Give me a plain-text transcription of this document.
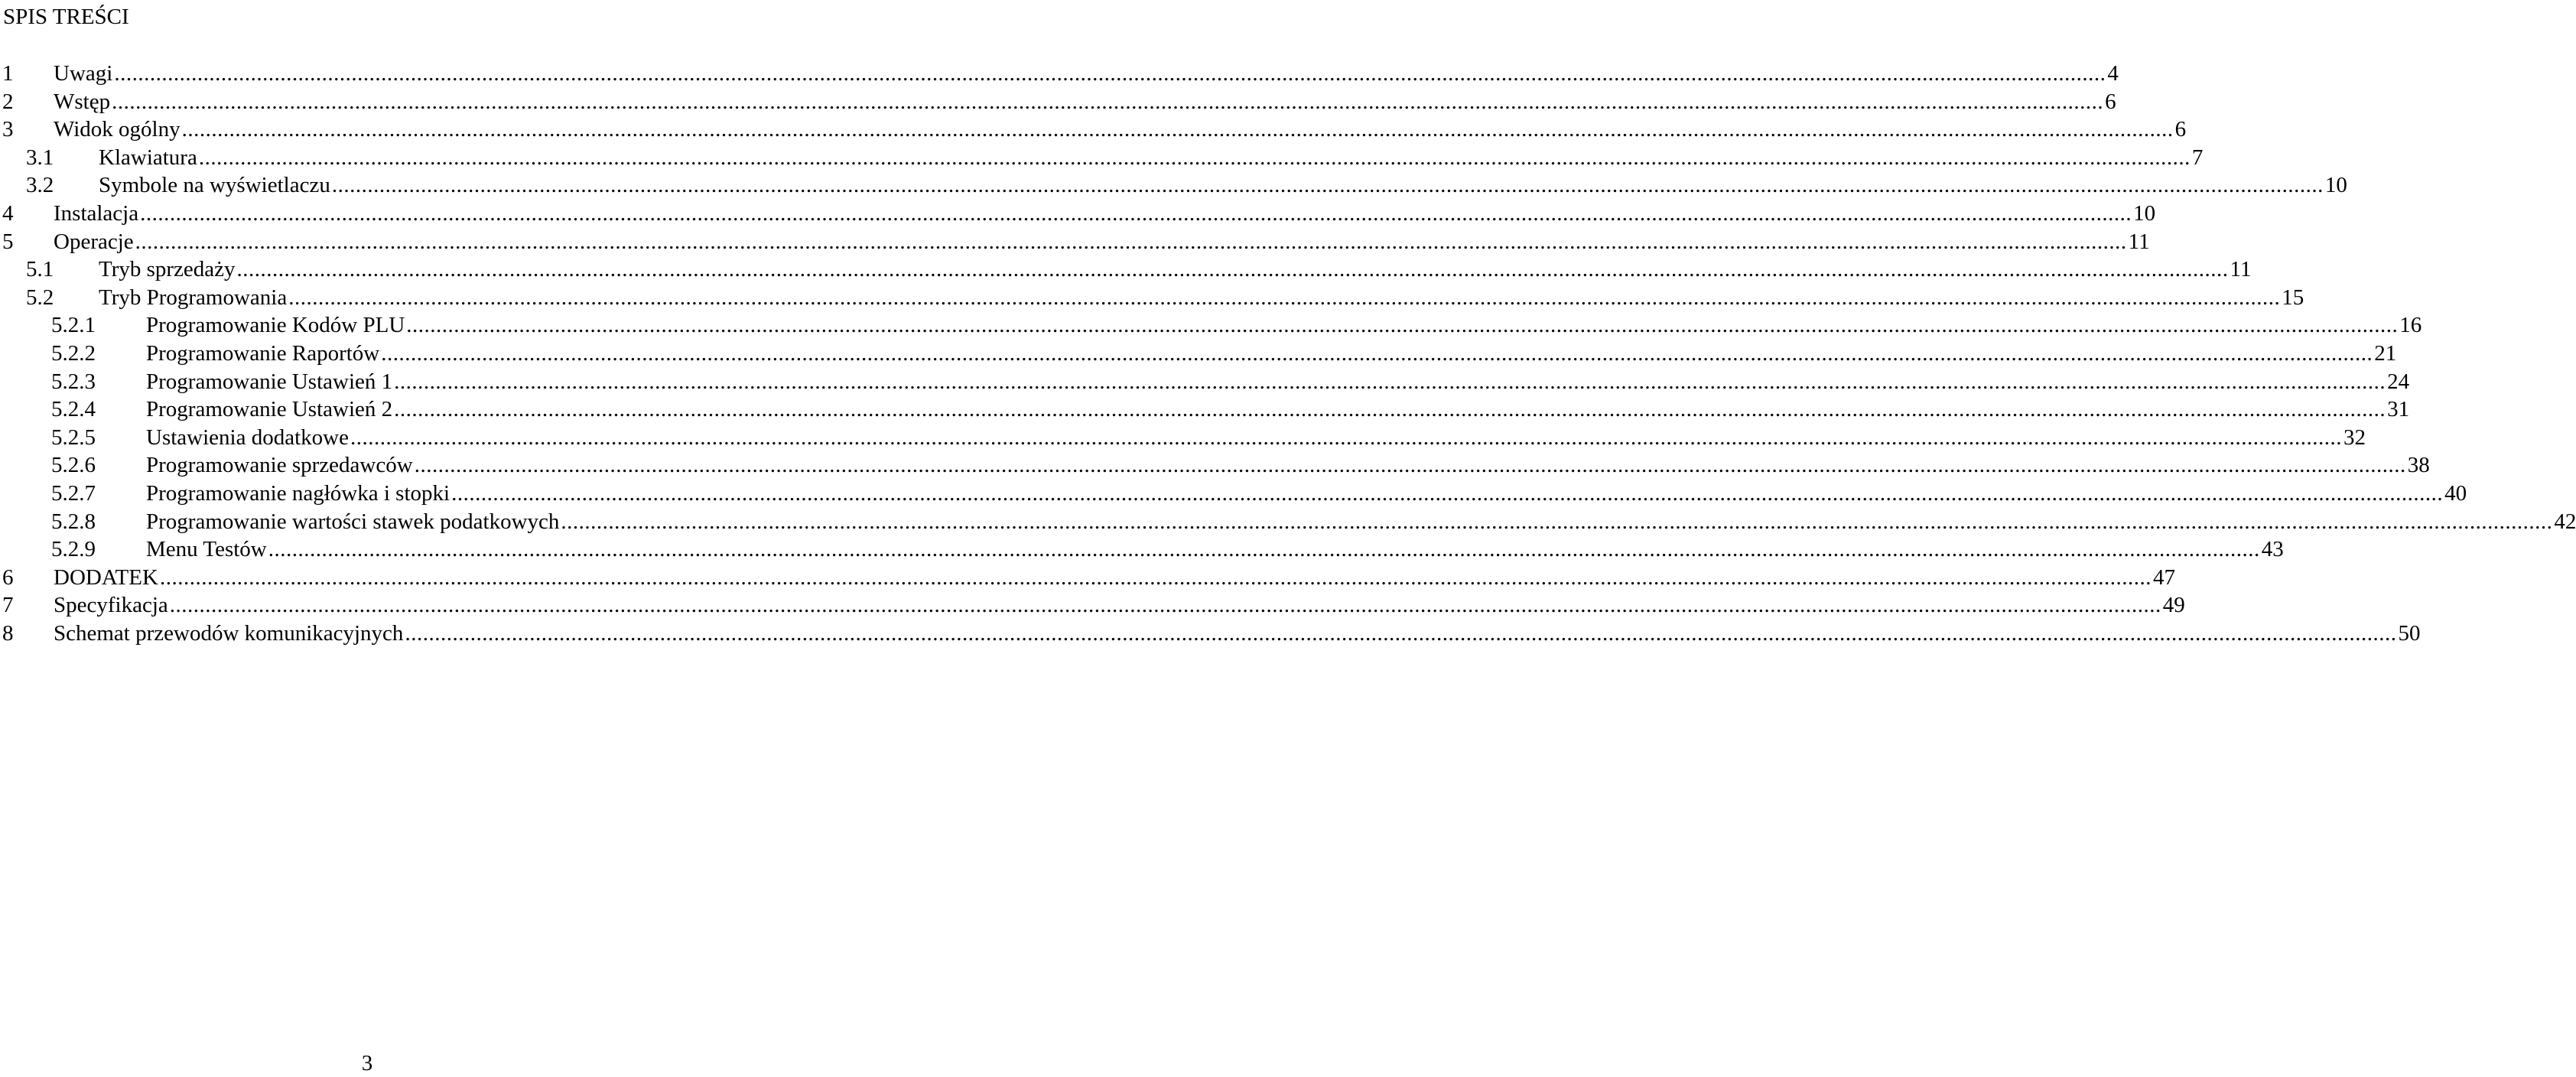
SPIS TREŚCI
1	Uwagi .....	4
2	Wstęp .....	6
3	Widok ogólny .....	6
3.1	Klawiatura .....	7
3.2	Symbole na wyświetlaczu .....	10
4	Instalacja .....	10
5	Operacje .....	11
5.1	Tryb sprzedaży .....	11
5.2	Tryb Programowania .....	15
5.2.1	Programowanie Kodów PLU .....	16
5.2.2	Programowanie Raportów .....	21
5.2.3	Programowanie Ustawień 1 .....	24
5.2.4	Programowanie Ustawień 2 .....	31
5.2.5	Ustawienia dodatkowe .....	32
5.2.6	Programowanie sprzedawców .....	38
5.2.7	Programowanie nagłówka i stopki .....	40
5.2.8	Programowanie wartości stawek podatkowych .....	42
5.2.9	Menu Testów .....	43
6	DODATEK .....	47
7	Specyfikacja .....	49
8	Schemat przewodów komunikacyjnych .....	50
3
